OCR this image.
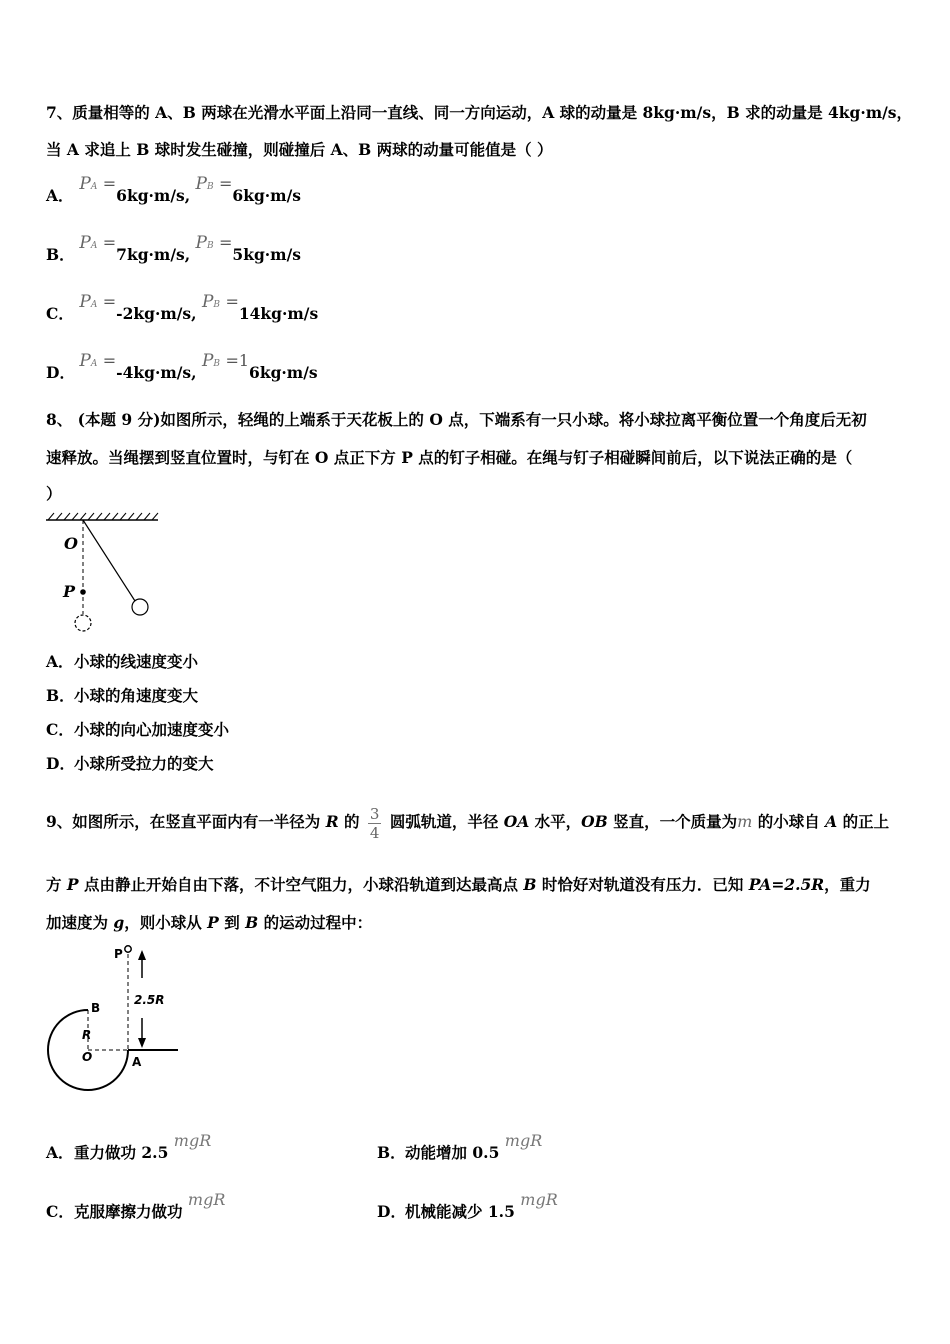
7、质量相等的 A、B 两球在光滑水平面上沿同一直线、同一方向运动，A 球的动量是 8kg·m/s，B 求的动量是 4kg·m/s，
当 A 求追上 B 球时发生碰撞，则碰撞后 A、B 两球的动量可能值是（ ）
A． PA =6kg·m/s, PB =6kg·m/s
B． PA =7kg·m/s, PB =5kg·m/s
C． PA =-2kg·m/s, PB =14kg·m/s
D． PA =-4kg·m/s, PB =16kg·m/s
8、 (本题 9 分)如图所示，轻绳的上端系于天花板上的 O 点，下端系有一只小球。将小球拉离平衡位置一个角度后无初
速释放。当绳摆到竖直位置时，与钉在 O 点正下方 P 点的钉子相碰。在绳与钉子相碰瞬间前后，以下说法正确的是（
）
O
P
A．小球的线速度变小
B．小球的角速度变大
C．小球的向心加速度变小
D．小球所受拉力的变大
9、如图所示，在竖直平面内有一半径为 R 的 $\frac{3}{4}$ 圆弧轨道，半径 OA 水平，OB 竖直，一个质量为m 的小球自 A 的正上
方 P 点由静止开始自由下落，不计空气阻力，小球沿轨道到达最高点 B 时恰好对轨道没有压力．已知 PA=2.5R，重力
加速度为 g，则小球从 P 到 B 的运动过程中：
P
2.5R
B
R
O	A
A．重力做功 2.5 mgR
B．动能增加 0.5 mgR
C．克服摩擦力做功 mgR
D．机械能减少 1.5 mgR
